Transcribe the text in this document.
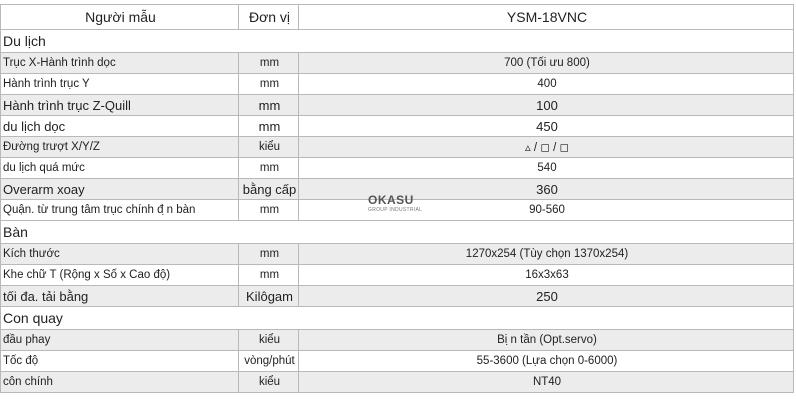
Người mẫu	Đơn vị	YSM-18VNC
Du lịch		
Trục X-Hành trình dọc	mm	700 (Tối ưu 800)
Hành trình trục Y	mm	400
Hành trình trục Z-Quill	mm	100
du lịch dọc	mm	450
Đường trượt X/Y/Z	kiểu	▵ / ◻ / ◻
du lịch quá mức	mm	540
Overarm xoay	bằng cấp	360
Quận. từ trung tâm trục chính đ ̣n bàn	mm	90-560
Bàn		
Kích thước	mm	1270x254 (Tùy chọn 1370x254)
Khe chữ T (Rộng x Số x Cao độ)	mm	16x3x63
tối đa. tải bằng	Kilôgam	250
Con quay		
đầu phay	kiểu	Bi ̣n tần (Opt.servo)
Tốc độ	vòng/phút	55-3600 (Lựa chọn 0-6000)
côn chính	kiểu	NT40
OKASU
GROUP INDUSTRIAL
